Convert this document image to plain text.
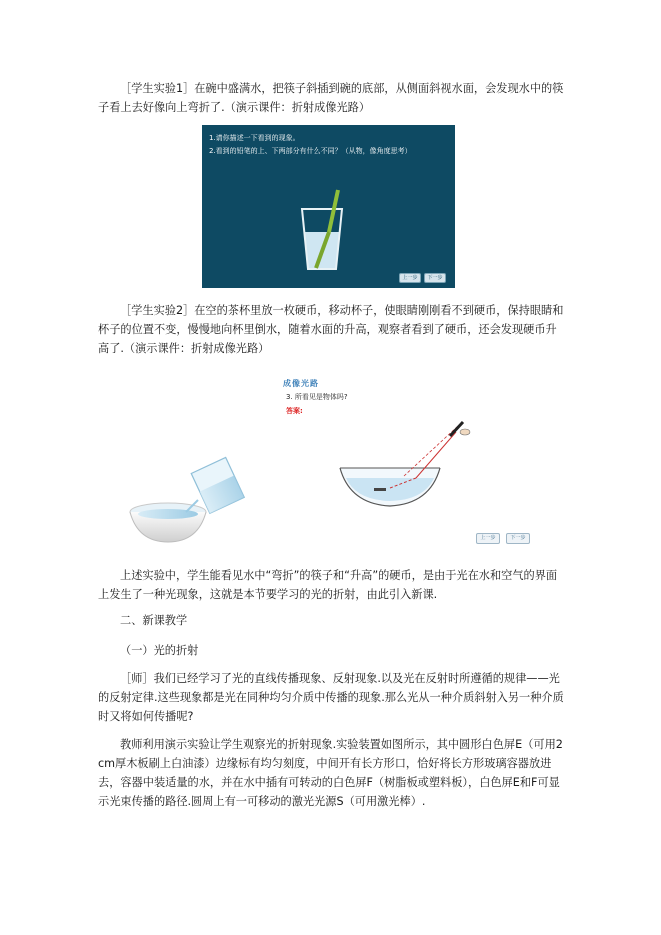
［学生实验1］在碗中盛满水，把筷子斜插到碗的底部，从侧面斜视水面，会发现水中的筷子看上去好像向上弯折了.（演示课件：折射成像光路）

1.请你描述一下看到的现象。
2.看到的铅笔的上、下两部分有什么不同？（从物，像角度思考）
上一步	下一步

［学生实验2］在空的茶杯里放一枚硬币，移动杯子，使眼睛刚刚看不到硬币，保持眼睛和杯子的位置不变，慢慢地向杯里倒水，随着水面的升高，观察者看到了硬币，还会发现硬币升高了.（演示课件：折射成像光路）

成像光路
3. 所看见是物体吗?
答案:
上一步	下一步

上述实验中，学生能看见水中“弯折”的筷子和“升高”的硬币，是由于光在水和空气的界面上发生了一种光现象，这就是本节要学习的光的折射，由此引入新课.

二、新课教学
（一）光的折射

［师］我们已经学习了光的直线传播现象、反射现象.以及光在反射时所遵循的规律——光的反射定律.这些现象都是光在同种均匀介质中传播的现象.那么光从一种介质斜射入另一种介质时又将如何传播呢?

教师利用演示实验让学生观察光的折射现象.实验装置如图所示，其中圆形白色屏E（可用2 cm厚木板刷上白油漆）边缘标有均匀刻度，中间开有长方形口，恰好将长方形玻璃容器放进去，容器中装适量的水，并在水中插有可转动的白色屏F（树脂板或塑料板），白色屏E和F可显示光束传播的路径.圆周上有一可移动的激光光源S（可用激光棒）.
